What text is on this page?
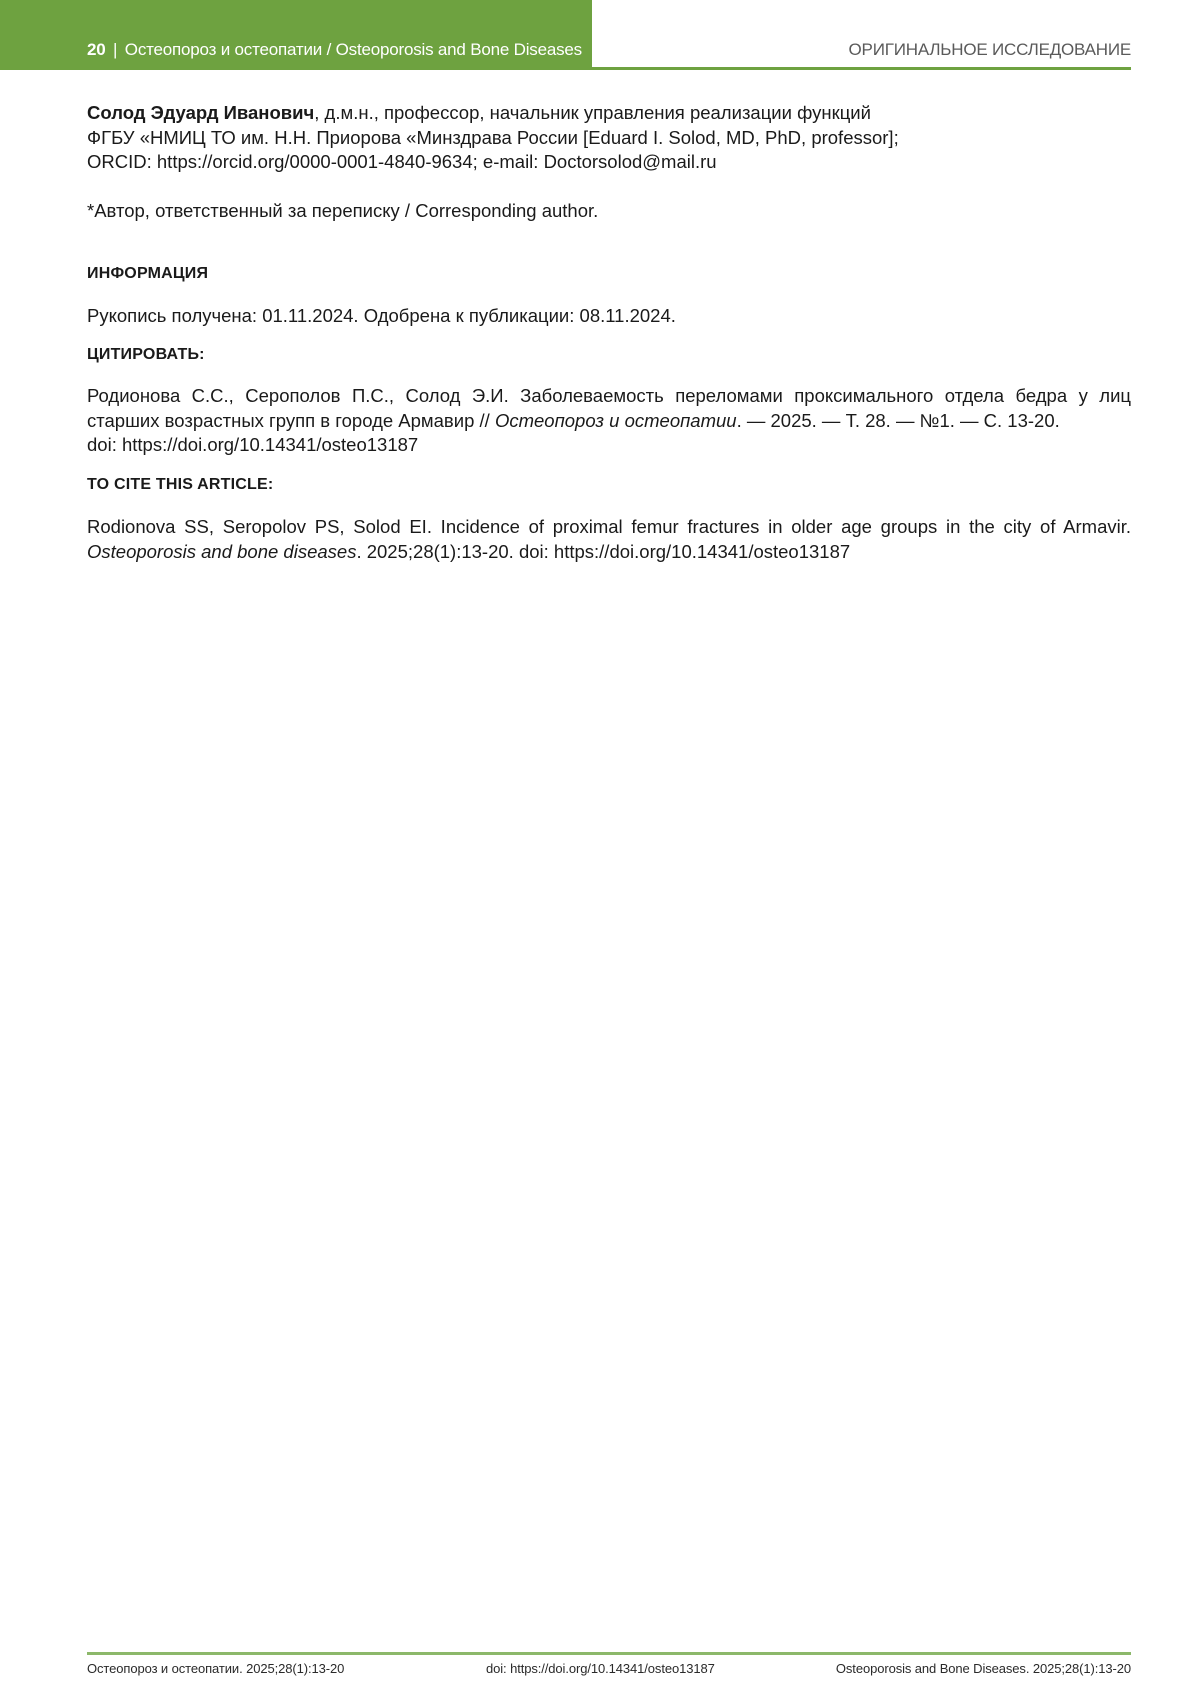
20 | Остеопороз и остеопатии / Osteoporosis and Bone Diseases	ОРИГИНАЛЬНОЕ ИССЛЕДОВАНИЕ
Солод Эдуард Иванович, д.м.н., профессор, начальник управления реализации функций
ФГБУ «НМИЦ ТО им. Н.Н. Приорова «Минздрава России [Eduard I. Solod, MD, PhD, professor];
ORCID: https://orcid.org/0000-0001-4840-9634; e-mail: Doctorsolod@mail.ru
*Автор, ответственный за переписку / Corresponding author.
ИНФОРМАЦИЯ
Рукопись получена: 01.11.2024. Одобрена к публикации: 08.11.2024.
ЦИТИРОВАТЬ:
Родионова С.С., Серополов П.С., Солод Э.И. Заболеваемость переломами проксимального отдела бедра у лиц старших возрастных групп в городе Армавир // Остеопороз и остеопатии. — 2025. — Т. 28. — №1. — С. 13-20.
doi: https://doi.org/10.14341/osteo13187
TO CITE THIS ARTICLE:
Rodionova SS, Seropolov PS, Solod EI. Incidence of proximal femur fractures in older age groups in the city of Armavir. Osteoporosis and bone diseases. 2025;28(1):13-20. doi: https://doi.org/10.14341/osteo13187
Остеопороз и остеопатии. 2025;28(1):13-20	doi: https://doi.org/10.14341/osteo13187	Osteoporosis and Bone Diseases. 2025;28(1):13-20
